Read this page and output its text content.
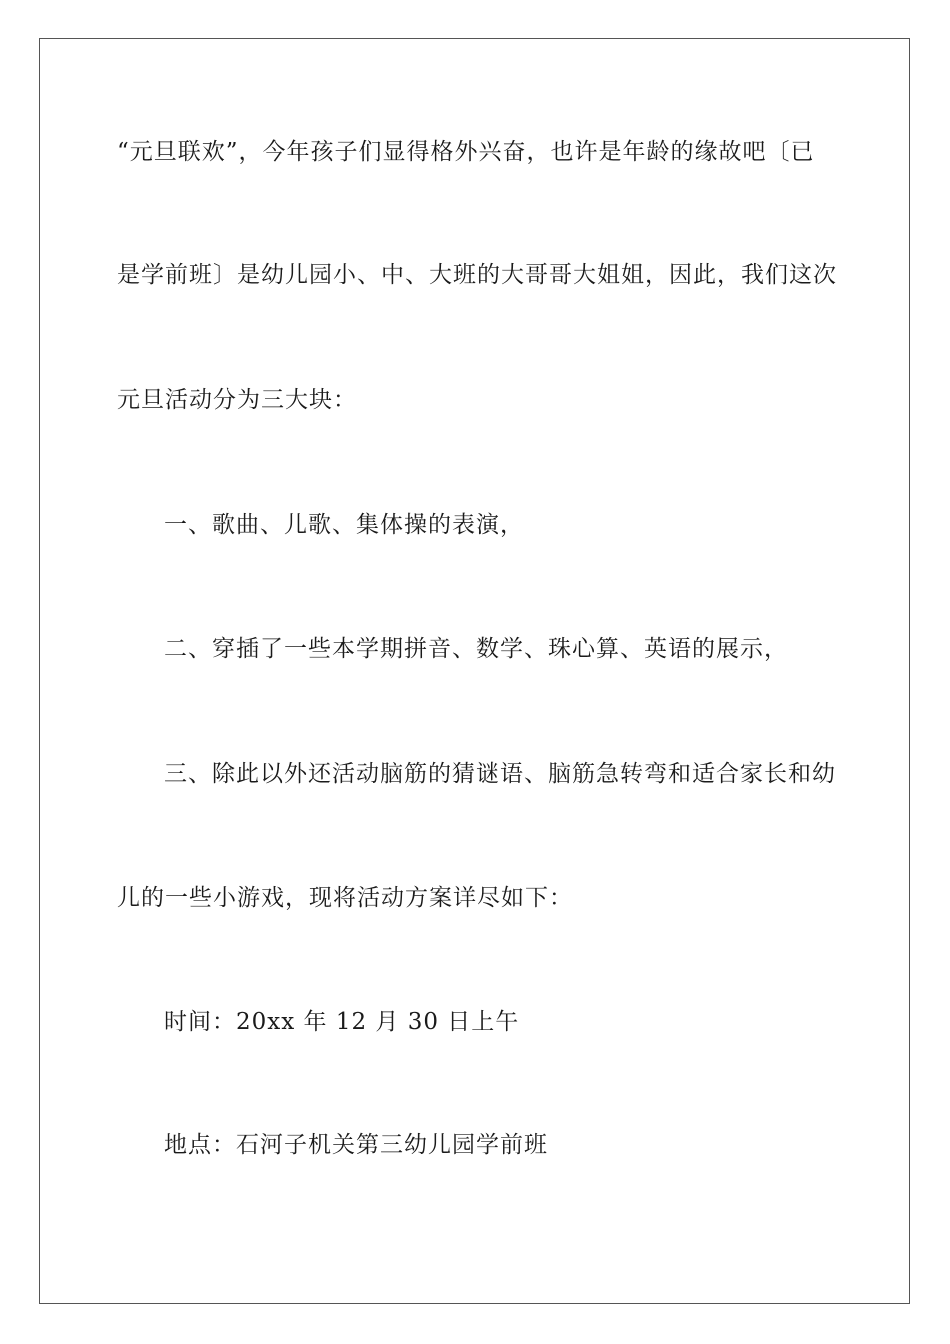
“元旦联欢”，今年孩子们显得格外兴奋，也许是年龄的缘故吧〔已
是学前班〕是幼儿园小、中、大班的大哥哥大姐姐，因此，我们这次
元旦活动分为三大块：
一、歌曲、儿歌、集体操的表演，
二、穿插了一些本学期拼音、数学、珠心算、英语的展示，
三、除此以外还活动脑筋的猜谜语、脑筋急转弯和适合家长和幼
儿的一些小游戏，现将活动方案详尽如下：
时间：20xx 年 12 月 30 日上午
地点：石河子机关第三幼儿园学前班
